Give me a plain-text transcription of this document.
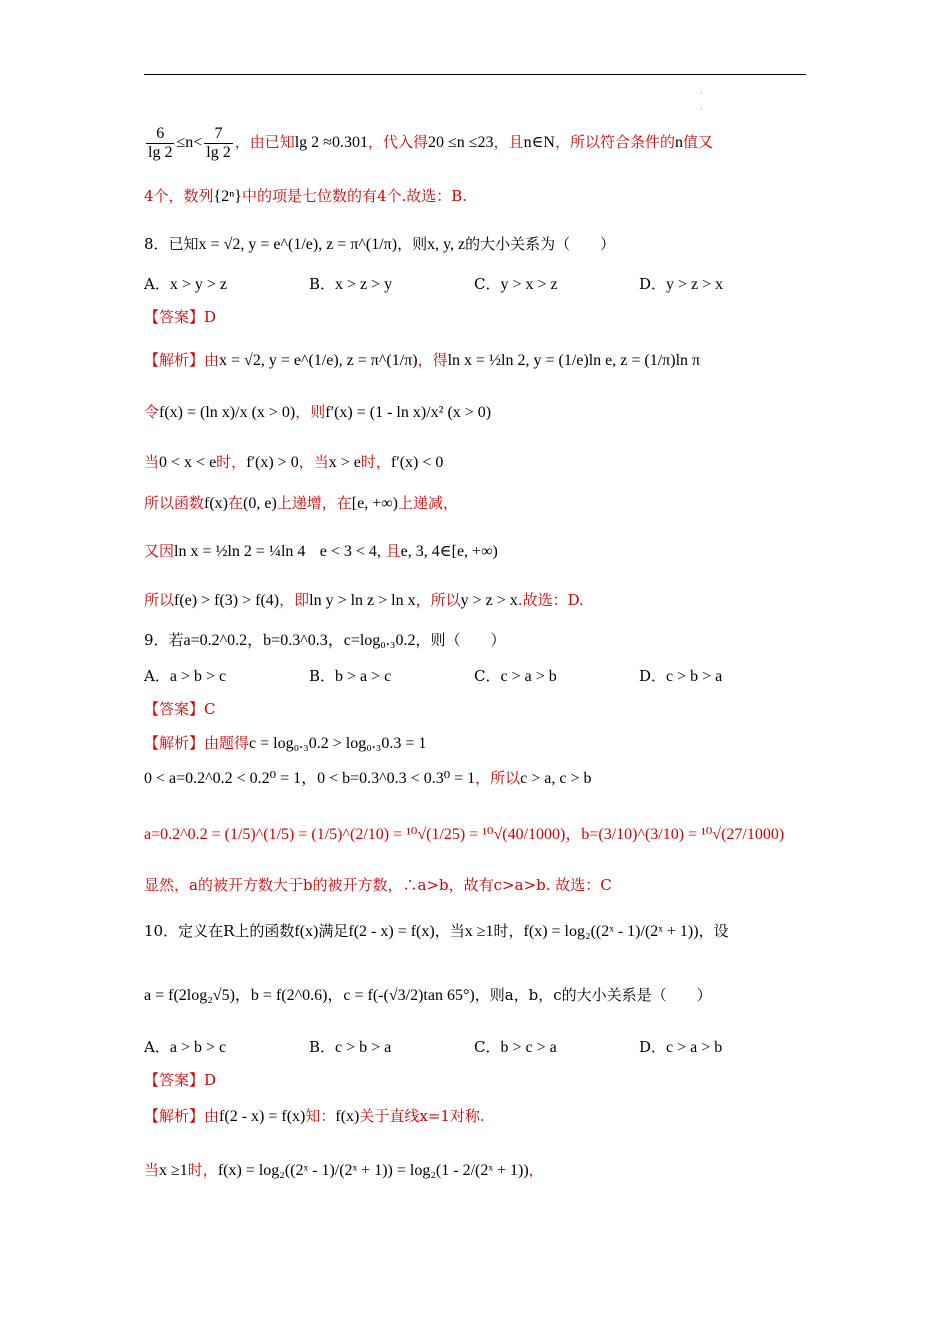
·
·
$\frac{6}{\lg 2} \le n< \frac{7}{\lg 2}$ ，由已知lg 2 ≈0.301，代入得20 ≤n ≤23，且n∈N，所以符合条件的n值又
4个，数列{2ⁿ}中的项是七位数的有4个.故选：B.
8．已知x = √2, y = e^(1/e), z = π^(1/π)，则x, y, z的大小关系为（　　）
A．x > y > z	B．x > z > y	C．y > x > z	D．y > z > x
【答案】D
【解析】由x = √2, y = e^(1/e), z = π^(1/π)，得ln x = ½ln 2, y = (1/e)ln e, z = (1/π)ln π
令f(x) = (ln x)/x (x > 0)，则f′(x) = (1 - ln x)/x² (x > 0)
当0 < x < e时，f′(x) > 0，当x > e时，f′(x) < 0
所以函数f(x)在(0, e)上递增，在[e, +∞)上递减，
又因ln x = ½ln 2 = ¼ln 4 e < 3 < 4, 且e, 3, 4∈[e, +∞)
所以f(e) > f(3) > f(4)，即ln y > ln z > ln x，所以y > z > x.故选：D.
9．若a=0.2^0.2，b=0.3^0.3，c=log₀.₃0.2，则（　　）
A．a > b > c	B．b > a > c	C．c > a > b	D．c > b > a
【答案】C
【解析】由题得c = log₀.₃0.2 > log₀.₃0.3 = 1
0 < a=0.2^0.2 < 0.2⁰ = 1，0 < b=0.3^0.3 < 0.3⁰ = 1，所以c > a, c > b
a=0.2^0.2 = (1/5)^(1/5) = (1/5)^(2/10) = ¹⁰√(1/25) = ¹⁰√(40/1000)，b=(3/10)^(3/10) = ¹⁰√(27/1000)
显然，a的被开方数大于b的被开方数，∴a>b，故有c>a>b. 故选：C
10．定义在R上的函数f(x)满足f(2 - x) = f(x)，当x ≥1时，f(x) = log₂((2ˣ - 1)/(2ˣ + 1))，设
a = f(2log₂√5)，b = f(2^0.6)，c = f(-(√3/2)tan 65°)，则a，b，c的大小关系是（　　）
A．a > b > c	B．c > b > a	C．b > c > a	D．c > a > b
【答案】D
【解析】由f(2 - x) = f(x)知：f(x)关于直线x=1对称.
当x ≥1时，f(x) = log₂((2ˣ - 1)/(2ˣ + 1)) = log₂(1 - 2/(2ˣ + 1))，
